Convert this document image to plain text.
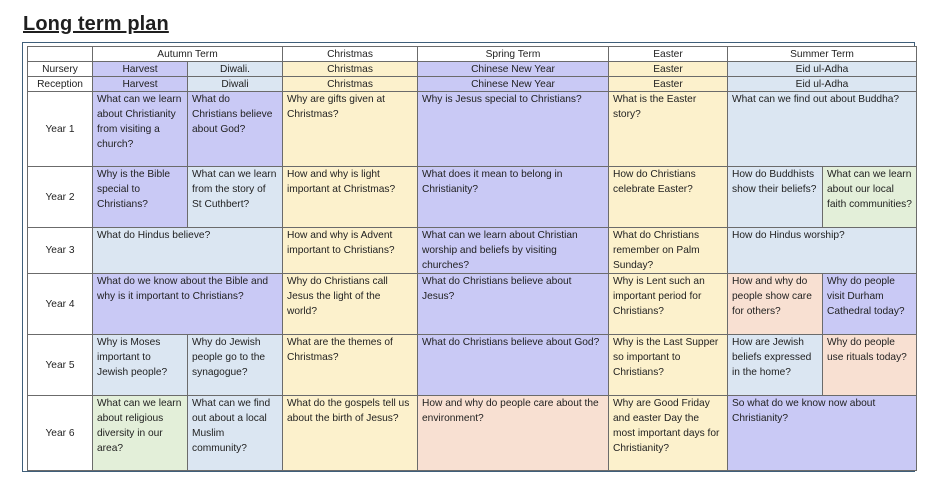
Long term plan
	Autumn Term		Christmas	Spring Term	Easter	Summer Term	
Nursery	Harvest	Diwali.	Christmas	Chinese New Year	Easter	Eid ul-Adha	
Reception	Harvest	Diwali	Christmas	Chinese New Year	Easter	Eid ul-Adha	
Year 1	What can we learn about Christianity from visiting a church?	What do Christians believe about God?	Why are gifts given at Christmas?	Why is Jesus special to Christians?	What is the Easter story?	What can we find out about Buddha?	
Year 2	Why is the Bible special to Christians?	What can we learn from the story of St Cuthbert?	How and why is light important at Christmas?	What does it mean to belong in Christianity?	How do Christians celebrate Easter?	How do Buddhists show their beliefs?	What can we learn about our local faith communities?
Year 3	What do Hindus believe?		How and why is Advent important to Christians?	What can we learn about Christian worship and beliefs by visiting churches?	What do Christians remember on Palm Sunday?	How do Hindus worship?	
Year 4	What do we know about the Bible and why is it important to Christians?		Why do Christians call Jesus the light of the world?	What do Christians believe about Jesus?	Why is Lent such an important period for Christians?	How and why do people show care for others?	Why do people visit Durham Cathedral today?
Year 5	Why is Moses important to Jewish people?	Why do Jewish people go to the synagogue?	What are the themes of Christmas?	What do Christians believe about God?	Why is the Last Supper so important to Christians?	How are Jewish beliefs expressed in the home?	Why do people use rituals today?
Year 6	What can we learn about religious diversity in our area?	What can we find out about a local Muslim community?	What do the gospels tell us about the birth of Jesus?	How and why do people care about the environment?	Why are Good Friday and easter Day the most important days for Christianity?	So what do we know now about Christianity?	
